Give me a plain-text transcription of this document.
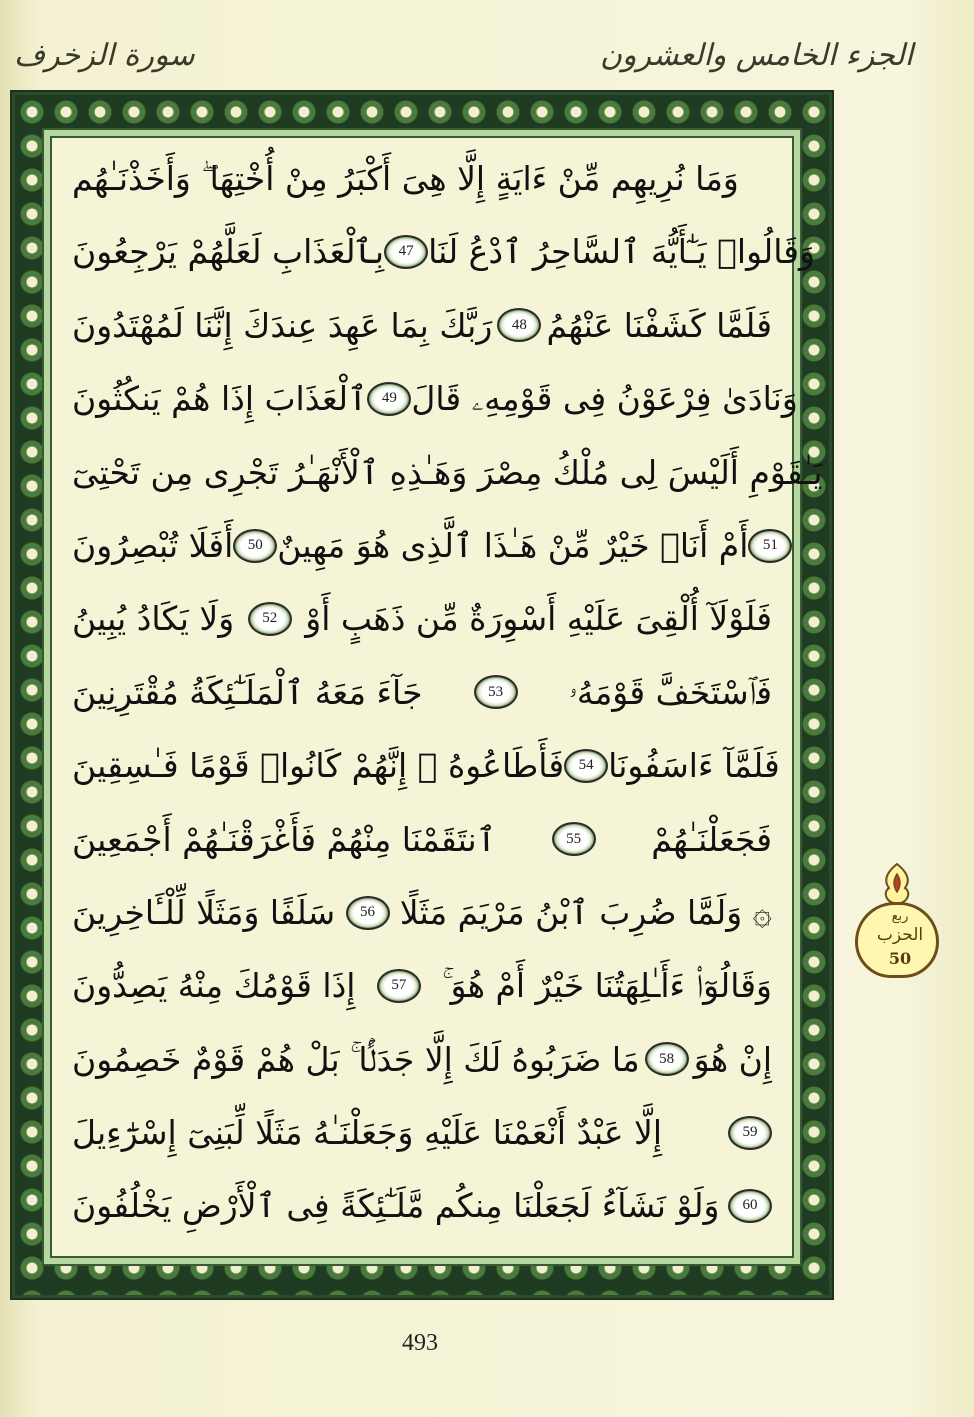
سورة الزخرف	الجزء الخامس والعشرون
وَمَا نُرِيهِم مِّنْ ءَايَةٍ إِلَّا هِىَ أَكْبَرُ مِنْ أُخْتِهَا ۖ وَأَخَذْنَـٰهُم
بِٱلْعَذَابِ لَعَلَّهُمْ يَرْجِعُونَ 47 وَقَالُوا۟ يَـٰٓأَيُّهَ ٱلسَّاحِرُ ٱدْعُ لَنَا
رَبَّكَ بِمَا عَهِدَ عِندَكَ إِنَّنَا لَمُهْتَدُونَ	48 فَلَمَّا كَشَفْنَا عَنْهُمُ
ٱلْعَذَابَ إِذَا هُمْ يَنكُثُونَ 49 وَنَادَىٰ فِرْعَوْنُ فِى قَوْمِهِۦ قَالَ
يَـٰقَوْمِ أَلَيْسَ لِى مُلْكُ مِصْرَ وَهَـٰذِهِ ٱلْأَنْهَـٰرُ تَجْرِى مِن تَحْتِىٓ
أَفَلَا تُبْصِرُونَ 50 أَمْ أَنَا۠ خَيْرٌ مِّنْ هَـٰذَا ٱلَّذِى هُوَ مَهِينٌ 51
وَلَا يَكَادُ يُبِينُ	52 فَلَوْلَآ أُلْقِىَ عَلَيْهِ أَسْوِرَةٌ مِّن ذَهَبٍ أَوْ
جَآءَ مَعَهُ ٱلْمَلَـٰٓئِكَةُ مُقْتَرِنِينَ	53	فَٱسْتَخَفَّ قَوْمَهُۥ
فَأَطَاعُوهُ ۚ إِنَّهُمْ كَانُوا۟ قَوْمًا فَـٰسِقِينَ 54 فَلَمَّآ ءَاسَفُونَا
ٱنتَقَمْنَا مِنْهُمْ فَأَغْرَقْنَـٰهُمْ أَجْمَعِينَ	55	فَجَعَلْنَـٰهُمْ
سَلَفًا وَمَثَلًا لِّلْـَٔاخِرِينَ	56 ۞ وَلَمَّا ضُرِبَ ٱبْنُ مَرْيَمَ مَثَلًا
إِذَا قَوْمُكَ مِنْهُ يَصِدُّونَ	57	وَقَالُوٓا۟ ءَأَـٰلِهَتُنَا خَيْرٌ أَمْ هُوَ ۚ
مَا ضَرَبُوهُ لَكَ إِلَّا جَدَلًۢا ۚ بَلْ هُمْ قَوْمٌ خَصِمُونَ	58 إِنْ هُوَ
إِلَّا عَبْدٌ أَنْعَمْنَا عَلَيْهِ وَجَعَلْنَـٰهُ مَثَلًا لِّبَنِىٓ إِسْرَٰٓءِيلَ	59
وَلَوْ نَشَآءُ لَجَعَلْنَا مِنكُم مَّلَـٰٓئِكَةً فِى ٱلْأَرْضِ يَخْلُفُونَ	60
ربع
الحزب
50
493
